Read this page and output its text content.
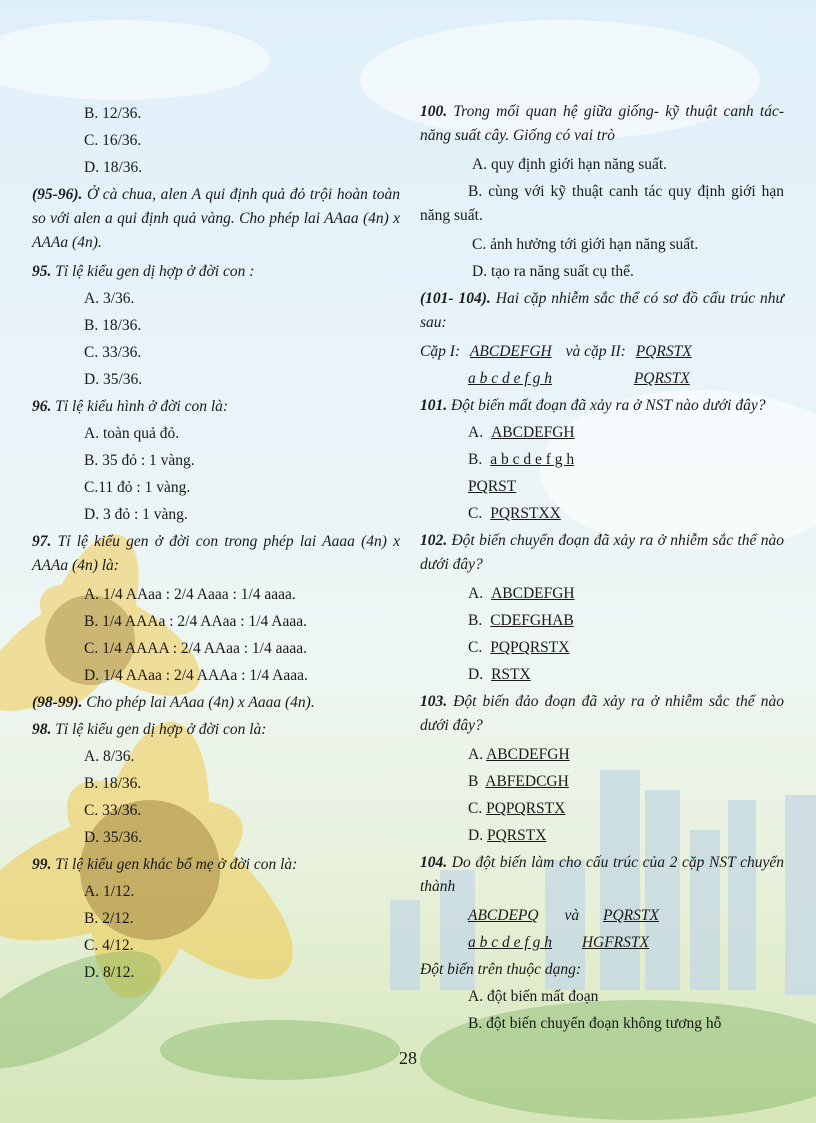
B. 12/36.
C. 16/36.
D. 18/36.
(95-96). Ở cà chua, alen A qui định quả đỏ trội hoàn toàn so với alen a qui định quả vàng. Cho phép lai AAaa (4n) x AAAa (4n).
95. Tỉ lệ kiểu gen dị hợp ở đời con :
A. 3/36.
B. 18/36.
C. 33/36.
D. 35/36.
96. Tỉ lệ kiểu hình ở đời con là:
A. toàn quả đỏ.
B. 35 đỏ : 1 vàng.
C.11 đỏ : 1 vàng.
D. 3 đỏ : 1 vàng.
97. Tỉ lệ kiểu gen ở đời con trong phép lai Aaaa (4n) x AAAa (4n) là:
A. 1/4 AAaa : 2/4 Aaaa : 1/4 aaaa.
B. 1/4 AAAa : 2/4 AAaa : 1/4 Aaaa.
C. 1/4 AAAA : 2/4 AAaa : 1/4 aaaa.
D. 1/4 AAaa : 2/4 AAAa : 1/4 Aaaa.
(98-99). Cho phép lai AAaa (4n) x Aaaa (4n).
98. Tỉ lệ kiểu gen dị hợp ở đời con là:
A. 8/36.
B. 18/36.
C. 33/36.
D. 35/36.
99. Tỉ lệ kiểu gen khác bố mẹ ở đời con là:
A. 1/12.
B. 2/12.
C. 4/12.
D. 8/12.
100. Trong mối quan hệ giữa giống- kỹ thuật canh tác- năng suất cây. Giống có vai trò
A. quy định giới hạn năng suất.
B. cùng với kỹ thuật canh tác quy định giới hạn năng suất.
C. ảnh hưởng tới giới hạn năng suất.
D. tạo ra năng suất cụ thể.
(101- 104). Hai cặp nhiễm sắc thể có sơ đồ cấu trúc như sau:
Cặp I: ABCDEFGH và cặp II: PQRSTX
a b c d e f g h	PQRSTX
101. Đột biến mất đoạn đã xảy ra ở NST nào dưới đây?
A. ABCDEFGH
B. a b c d e f g h
PQRST
C. PQRSTXX
102. Đột biến chuyển đoạn đã xảy ra ở nhiễm sắc thể nào dưới đây?
A. ABCDEFGH
B. CDEFGHAB
C. PQPQRSTX
D. RSTX
103. Đột biến đảo đoạn đã xảy ra ở nhiễm sắc thể nào dưới đây?
A. ABCDEFGH
B ABFEDCGH
C. PQPQRSTX
D. PQRSTX
104. Do đột biến làm cho cấu trúc của 2 cặp NST chuyển thành
ABCDEPQ và PQRSTX
a b c d e f g h HGFRSTX
Đột biến trên thuộc dạng:
A. đột biến mất đoạn
B. đột biến chuyển đoạn không tương hỗ
28
